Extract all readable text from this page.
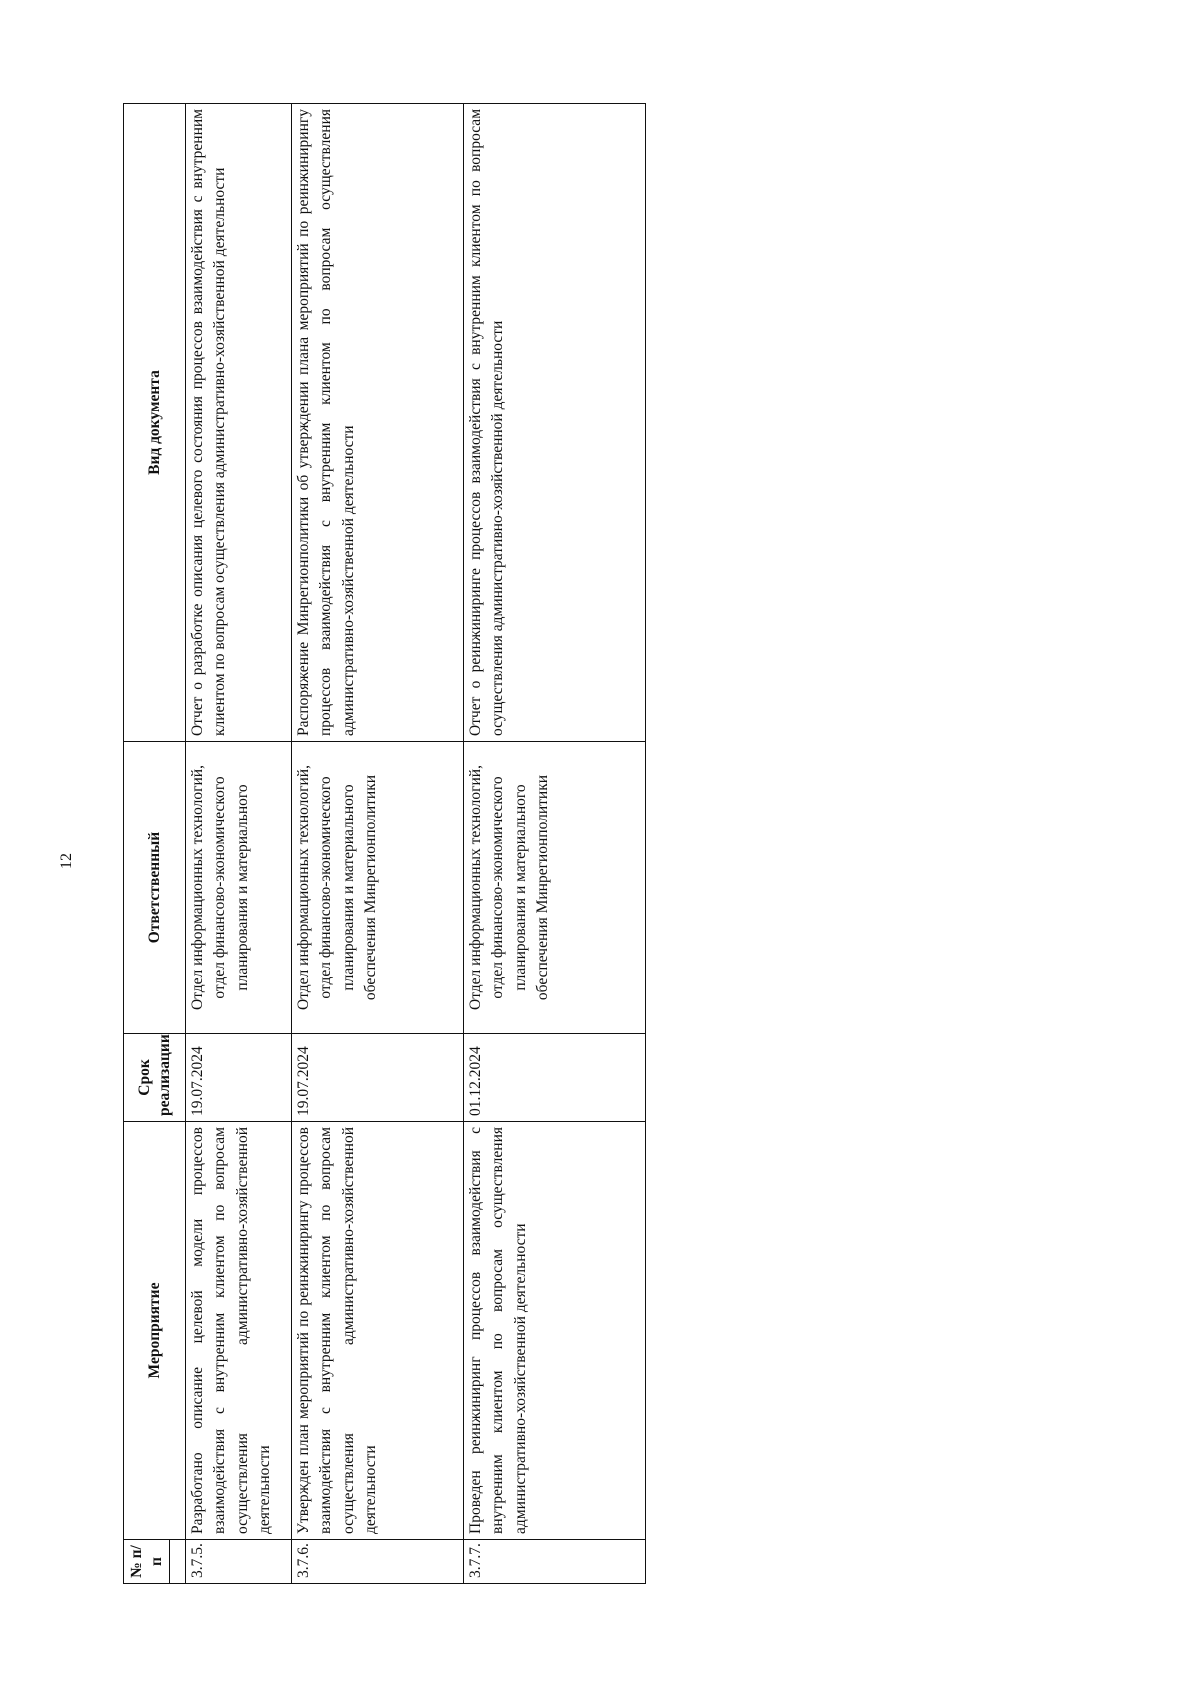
12
№ п/п	Мероприятие	Срок реализации	Ответственный	Вид документа

3.7.5.	Разработано описание целевой модели процессов взаимодействия с внутренним клиентом по вопросам осуществления административно-хозяйственной деятельности	19.07.2024	Отдел информационных технологий, отдел финансово-экономического планирования и материального	Отчет о разработке описания целевого состояния процессов взаимодействия с внутренним клиентом по вопросам осуществления административно-хозяйственной деятельности
3.7.6.	Утвержден план мероприятий по реинжинирингу процессов взаимодействия с внутренним клиентом по вопросам осуществления административно-хозяйственной деятельности	19.07.2024	Отдел информационных технологий, отдел финансово-экономического планирования и материального обеспечения Минрегионполитики	Распоряжение Минрегионполитики об утверждении плана мероприятий по реинжинирингу процессов взаимодействия с внутренним клиентом по вопросам осуществления административно-хозяйственной деятельности
3.7.7.	Проведен реинжиниринг процессов взаимодействия с внутренним клиентом по вопросам осуществления административно-хозяйственной деятельности	01.12.2024	Отдел информационных технологий, отдел финансово-экономического планирования и материального обеспечения Минрегионполитики	Отчет о реинжиниринге процессов взаимодействия с внутренним клиентом по вопросам осуществления административно-хозяйственной деятельности
